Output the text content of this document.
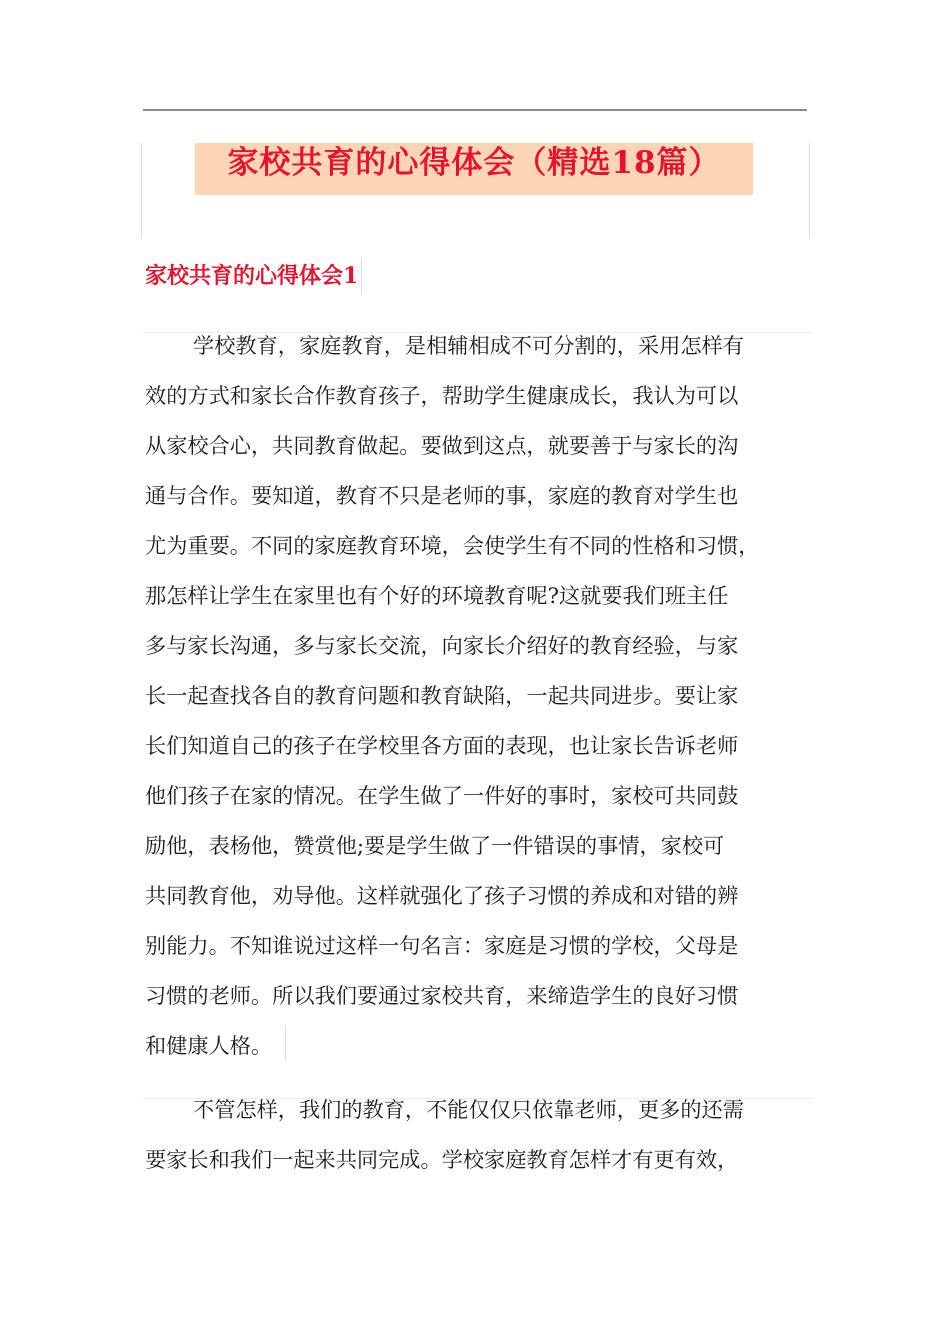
家校共育的心得体会（精选18篇）
家校共育的心得体会1
学校教育，家庭教育，是相辅相成不可分割的，采用怎样有
效的方式和家长合作教育孩子，帮助学生健康成长，我认为可以
从家校合心，共同教育做起。要做到这点，就要善于与家长的沟
通与合作。要知道，教育不只是老师的事，家庭的教育对学生也
尤为重要。不同的家庭教育环境，会使学生有不同的性格和习惯，
那怎样让学生在家里也有个好的环境教育呢?这就要我们班主任
多与家长沟通，多与家长交流，向家长介绍好的教育经验，与家
长一起查找各自的教育问题和教育缺陷，一起共同进步。要让家
长们知道自己的孩子在学校里各方面的表现，也让家长告诉老师
他们孩子在家的情况。在学生做了一件好的事时，家校可共同鼓
励他，表杨他，赞赏他;要是学生做了一件错误的事情，家校可
共同教育他，劝导他。这样就强化了孩子习惯的养成和对错的辨
别能力。不知谁说过这样一句名言：家庭是习惯的学校，父母是
习惯的老师。所以我们要通过家校共育，来缔造学生的良好习惯
和健康人格。
不管怎样，我们的教育，不能仅仅只依靠老师，更多的还需
要家长和我们一起来共同完成。学校家庭教育怎样才有更有效，
